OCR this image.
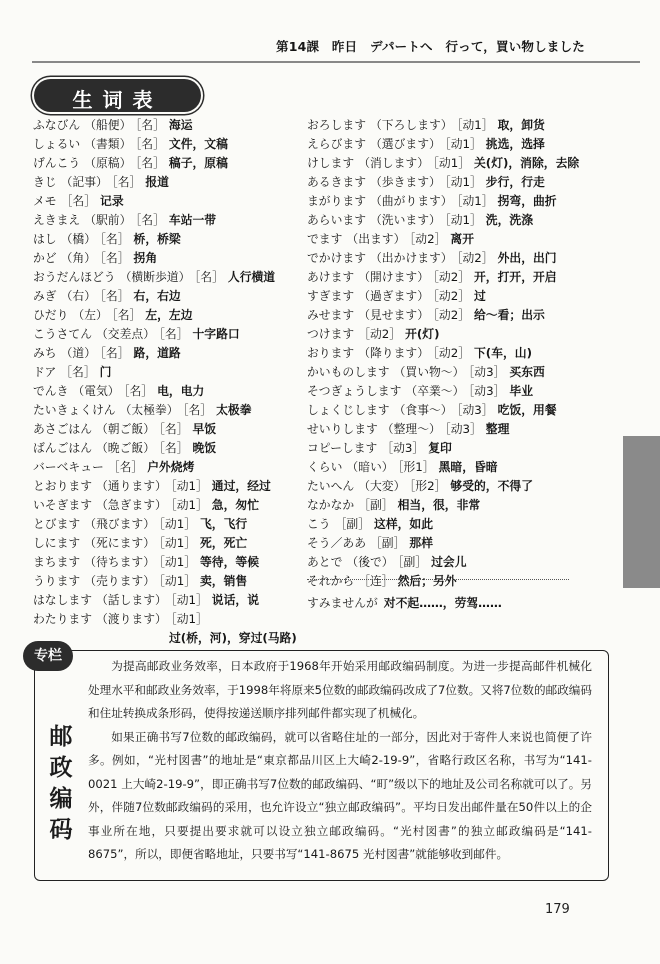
第14課　昨日　デパートへ　行って，買い物しました
生词表
ふなびん （船便） ［名］ 海运
しょるい （書類） ［名］ 文件，文稿
げんこう （原稿） ［名］ 稿子，原稿
きじ （記事） ［名］ 报道
メモ ［名］ 记录
えきまえ （駅前） ［名］ 车站一带
はし （橋） ［名］ 桥，桥梁
かど （角） ［名］ 拐角
おうだんほどう （横断歩道） ［名］ 人行横道
みぎ （右） ［名］ 右，右边
ひだり （左） ［名］ 左，左边
こうさてん （交差点） ［名］ 十字路口
みち （道） ［名］ 路，道路
ドア ［名］ 门
でんき （電気） ［名］ 电，电力
たいきょくけん （太極拳） ［名］ 太极拳
あさごはん （朝ご飯） ［名］ 早饭
ばんごはん （晩ご飯） ［名］ 晚饭
バーベキュー ［名］ 户外烧烤
とおります （通ります） ［动1］ 通过，经过
いそぎます （急ぎます） ［动1］ 急，匆忙
とびます （飛びます） ［动1］ 飞，飞行
しにます （死にます） ［动1］ 死，死亡
まちます （待ちます） ［动1］ 等待，等候
うります （売ります） ［动1］ 卖，销售
はなします （話します） ［动1］ 说话，说
わたります （渡ります） ［动1］
过(桥，河)，穿过(马路)
おろします （下ろします） ［动1］ 取，卸货
えらびます （選びます） ［动1］ 挑选，选择
けします （消します） ［动1］ 关(灯)，消除，去除
あるきます （歩きます） ［动1］ 步行，行走
まがります （曲がります） ［动1］ 拐弯，曲折
あらいます （洗います） ［动1］ 洗，洗涤
でます （出ます） ［动2］ 离开
でかけます （出かけます） ［动2］ 外出，出门
あけます （開けます） ［动2］ 开，打开，开启
すぎます （過ぎます） ［动2］ 过
みせます （見せます） ［动2］ 给～看；出示
つけます ［动2］ 开(灯)
おります （降ります） ［动2］ 下(车，山)
かいものします （買い物～） ［动3］ 买东西
そつぎょうします （卒業～） ［动3］ 毕业
しょくじします （食事～） ［动3］ 吃饭，用餐
せいりします （整理～） ［动3］ 整理
コピーします ［动3］ 复印
くらい （暗い） ［形1］ 黑暗，昏暗
たいへん （大変） ［形2］ 够受的，不得了
なかなか ［副］ 相当，很，非常
こう ［副］ 这样，如此
そう／ああ ［副］ 那样
あとで （後で） ［副］ 过会儿
それから ［连］ 然后；另外
すみませんが 对不起……，劳驾……
专栏
邮
政
编
码

为提高邮政业务效率，日本政府于1968年开始采用邮政编码制度。为进一步提高邮件机械化处理水平和邮政业务效率，于1998年将原来5位数的邮政编码改成了7位数。又将7位数的邮政编码和住址转换成条形码，使得按递送顺序排列邮件都实现了机械化。

如果正确书写7位数的邮政编码，就可以省略住址的一部分，因此对于寄件人来说也简便了许多。例如，“光村図書”的地址是“東京都品川区上大崎2-19-9”，省略行政区名称，书写为“141-0021 上大崎2-19-9”，即正确书写7位数的邮政编码、“町”级以下的地址及公司名称就可以了。另外，伴随7位数邮政编码的采用，也允许设立“独立邮政编码”。平均日发出邮件量在50件以上的企事业所在地，只要提出要求就可以设立独立邮政编码。“光村図書”的独立邮政编码是“141-8675”，所以，即便省略地址，只要书写“141-8675 光村図書”就能够收到邮件。

179
